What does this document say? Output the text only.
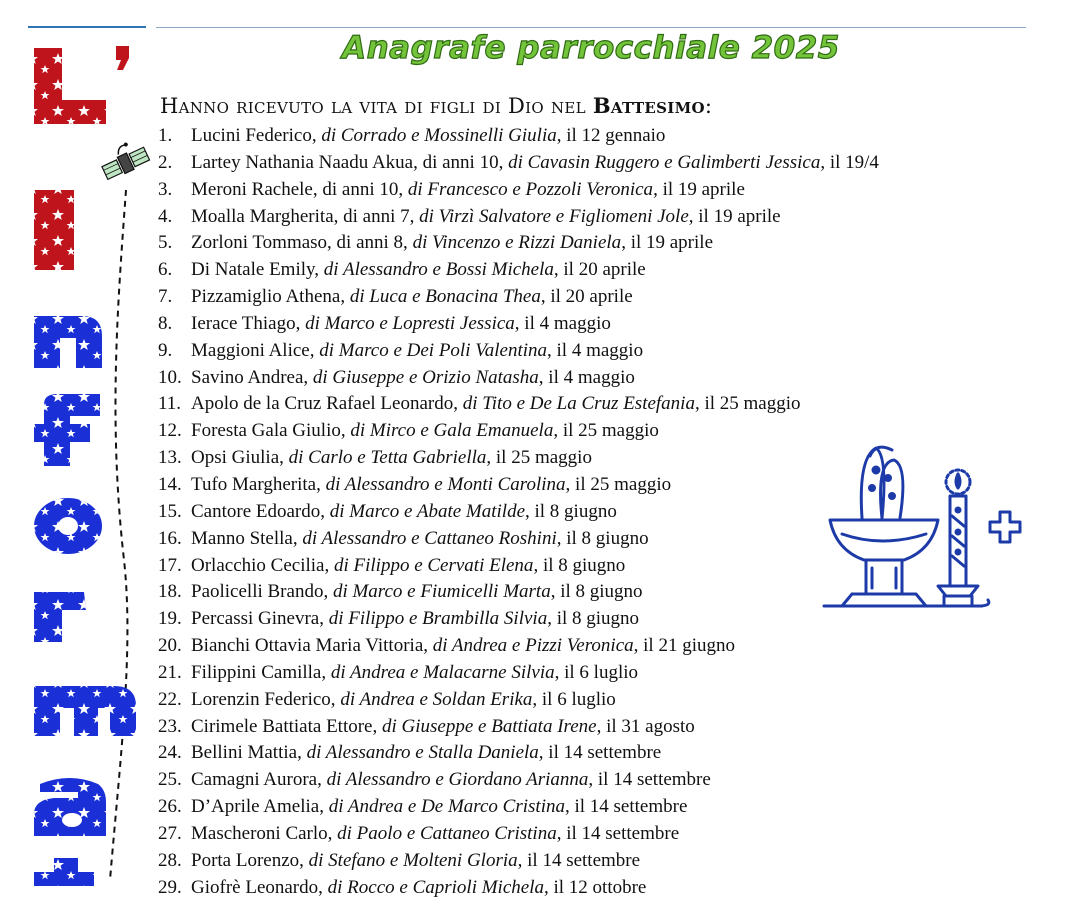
Anagrafe parrocchiale 2025
Hanno ricevuto la vita di figli di Dio nel Battesimo:
1. Lucini Federico, di Corrado e Mossinelli Giulia, il 12 gennaio
2. Lartey Nathania Naadu Akua, di anni 10, di Cavasin Ruggero e Galimberti Jessica, il 19/4
3. Meroni Rachele, di anni 10, di Francesco e Pozzoli Veronica, il 19 aprile
4. Moalla Margherita, di anni 7, di Virzì Salvatore e Figliomeni Jole, il 19 aprile
5. Zorloni Tommaso, di anni 8, di Vincenzo e Rizzi Daniela, il 19 aprile
6. Di Natale Emily, di Alessandro e Bossi Michela, il 20 aprile
7. Pizzamiglio Athena, di Luca e Bonacina Thea, il 20 aprile
8. Ierace Thiago, di Marco e Lopresti Jessica, il 4 maggio
9. Maggioni Alice, di Marco e Dei Poli Valentina, il 4 maggio
10. Savino Andrea, di Giuseppe e Orizio Natasha, il 4 maggio
11. Apolo de la Cruz Rafael Leonardo, di Tito e De La Cruz Estefania, il 25 maggio
12. Foresta Gala Giulio, di Mirco e Gala Emanuela, il 25 maggio
13. Opsi Giulia, di Carlo e Tetta Gabriella, il 25 maggio
14. Tufo Margherita, di Alessandro e Monti Carolina, il 25 maggio
15. Cantore Edoardo, di Marco e Abate Matilde, il 8 giugno
16. Manno Stella, di Alessandro e Cattaneo Roshini, il 8 giugno
17. Orlacchio Cecilia, di Filippo e Cervati Elena, il 8 giugno
18. Paolicelli Brando, di Marco e Fiumicelli Marta, il 8 giugno
19. Percassi Ginevra, di Filippo e Brambilla Silvia, il 8 giugno
20. Bianchi Ottavia Maria Vittoria, di Andrea e Pizzi Veronica, il 21 giugno
21. Filippini Camilla, di Andrea e Malacarne Silvia, il 6 luglio
22. Lorenzin Federico, di Andrea e Soldan Erika, il 6 luglio
23. Cirimele Battiata Ettore, di Giuseppe e Battiata Irene, il 31 agosto
24. Bellini Mattia, di Alessandro e Stalla Daniela, il 14 settembre
25. Camagni Aurora, di Alessandro e Giordano Arianna, il 14 settembre
26. D’Aprile Amelia, di Andrea e De Marco Cristina, il 14 settembre
27. Mascheroni Carlo, di Paolo e Cattaneo Cristina, il 14 settembre
28. Porta Lorenzo, di Stefano e Molteni Gloria, il 14 settembre
29. Giofrè Leonardo, di Rocco e Caprioli Michela, il 12 ottobre
